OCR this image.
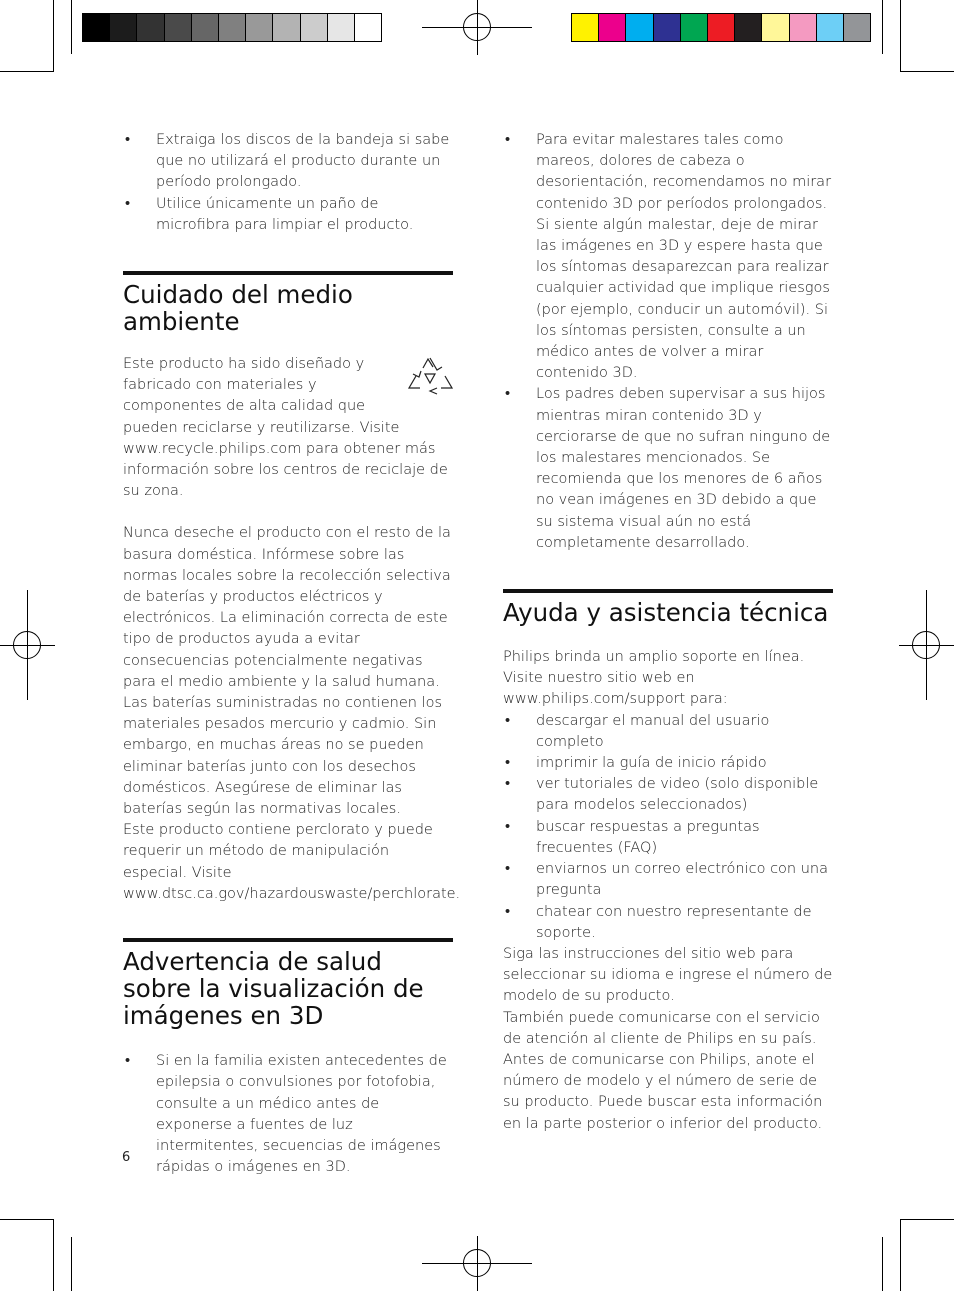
• Extraiga los discos de la bandeja si sabe que no utilizará el producto durante un período prolongado.
• Utilice únicamente un paño de microfibra para limpiar el producto.
Cuidado del medio ambiente

Este producto ha sido diseñado y fabricado con materiales y componentes de alta calidad que pueden reciclarse y reutilizarse. Visite www.recycle.philips.com para obtener más información sobre los centros de reciclaje de su zona.

Nunca deseche el producto con el resto de la basura doméstica. Infórmese sobre las normas locales sobre la recolección selectiva de baterías y productos eléctricos y electrónicos. La eliminación correcta de este tipo de productos ayuda a evitar consecuencias potencialmente negativas para el medio ambiente y la salud humana.

Las baterías suministradas no contienen los materiales pesados mercurio y cadmio. Sin embargo, en muchas áreas no se pueden eliminar baterías junto con los desechos domésticos. Asegúrese de eliminar las baterías según las normativas locales.

Este producto contiene perclorato y puede requerir un método de manipulación especial. Visite www.dtsc.ca.gov/hazardouswaste/perchlorate.

Advertencia de salud sobre la visualización de imágenes en 3D
• Si en la familia existen antecedentes de epilepsia o convulsiones por fotofobia, consulte a un médico antes de exponerse a fuentes de luz intermitentes, secuencias de imágenes rápidas o imágenes en 3D.
• Para evitar malestares tales como mareos, dolores de cabeza o desorientación, recomendamos no mirar contenido 3D por períodos prolongados. Si siente algún malestar, deje de mirar las imágenes en 3D y espere hasta que los síntomas desaparezcan para realizar cualquier actividad que implique riesgos (por ejemplo, conducir un automóvil). Si los síntomas persisten, consulte a un médico antes de volver a mirar contenido 3D.
• Los padres deben supervisar a sus hijos mientras miran contenido 3D y cerciorarse de que no sufran ninguno de los malestares mencionados. Se recomienda que los menores de 6 años no vean imágenes en 3D debido a que su sistema visual aún no está completamente desarrollado.
Ayuda y asistencia técnica

Philips brinda un amplio soporte en línea. Visite nuestro sitio web en www.philips.com/support para:

• descargar el manual del usuario completo
• imprimir la guía de inicio rápido
• ver tutoriales de video (solo disponible para modelos seleccionados)
• buscar respuestas a preguntas frecuentes (FAQ)
• enviarnos un correo electrónico con una pregunta
• chatear con nuestro representante de soporte.

Siga las instrucciones del sitio web para seleccionar su idioma e ingrese el número de modelo de su producto.

También puede comunicarse con el servicio de atención al cliente de Philips en su país. Antes de comunicarse con Philips, anote el número de modelo y el número de serie de su producto. Puede buscar esta información en la parte posterior o inferior del producto.

6
